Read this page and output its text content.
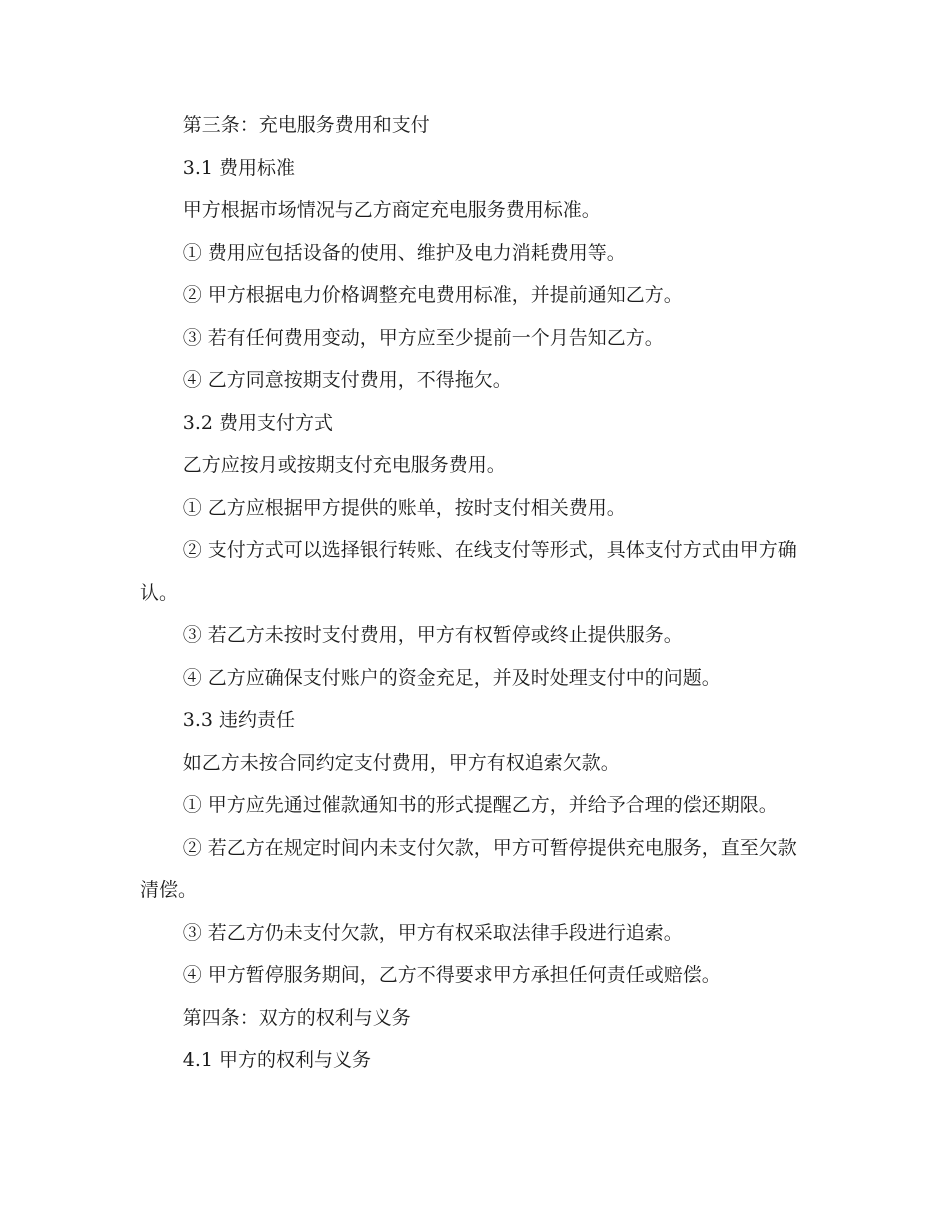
第三条：充电服务费用和支付

3.1 费用标准

甲方根据市场情况与乙方商定充电服务费用标准。

① 费用应包括设备的使用、维护及电力消耗费用等。

② 甲方根据电力价格调整充电费用标准，并提前通知乙方。

③ 若有任何费用变动，甲方应至少提前一个月告知乙方。

④ 乙方同意按期支付费用，不得拖欠。

3.2 费用支付方式

乙方应按月或按期支付充电服务费用。

① 乙方应根据甲方提供的账单，按时支付相关费用。

② 支付方式可以选择银行转账、在线支付等形式，具体支付方式由甲方确认。

③ 若乙方未按时支付费用，甲方有权暂停或终止提供服务。

④ 乙方应确保支付账户的资金充足，并及时处理支付中的问题。

3.3 违约责任

如乙方未按合同约定支付费用，甲方有权追索欠款。

① 甲方应先通过催款通知书的形式提醒乙方，并给予合理的偿还期限。

② 若乙方在规定时间内未支付欠款，甲方可暂停提供充电服务，直至欠款清偿。

③ 若乙方仍未支付欠款，甲方有权采取法律手段进行追索。

④ 甲方暂停服务期间，乙方不得要求甲方承担任何责任或赔偿。

第四条：双方的权利与义务

4.1 甲方的权利与义务
